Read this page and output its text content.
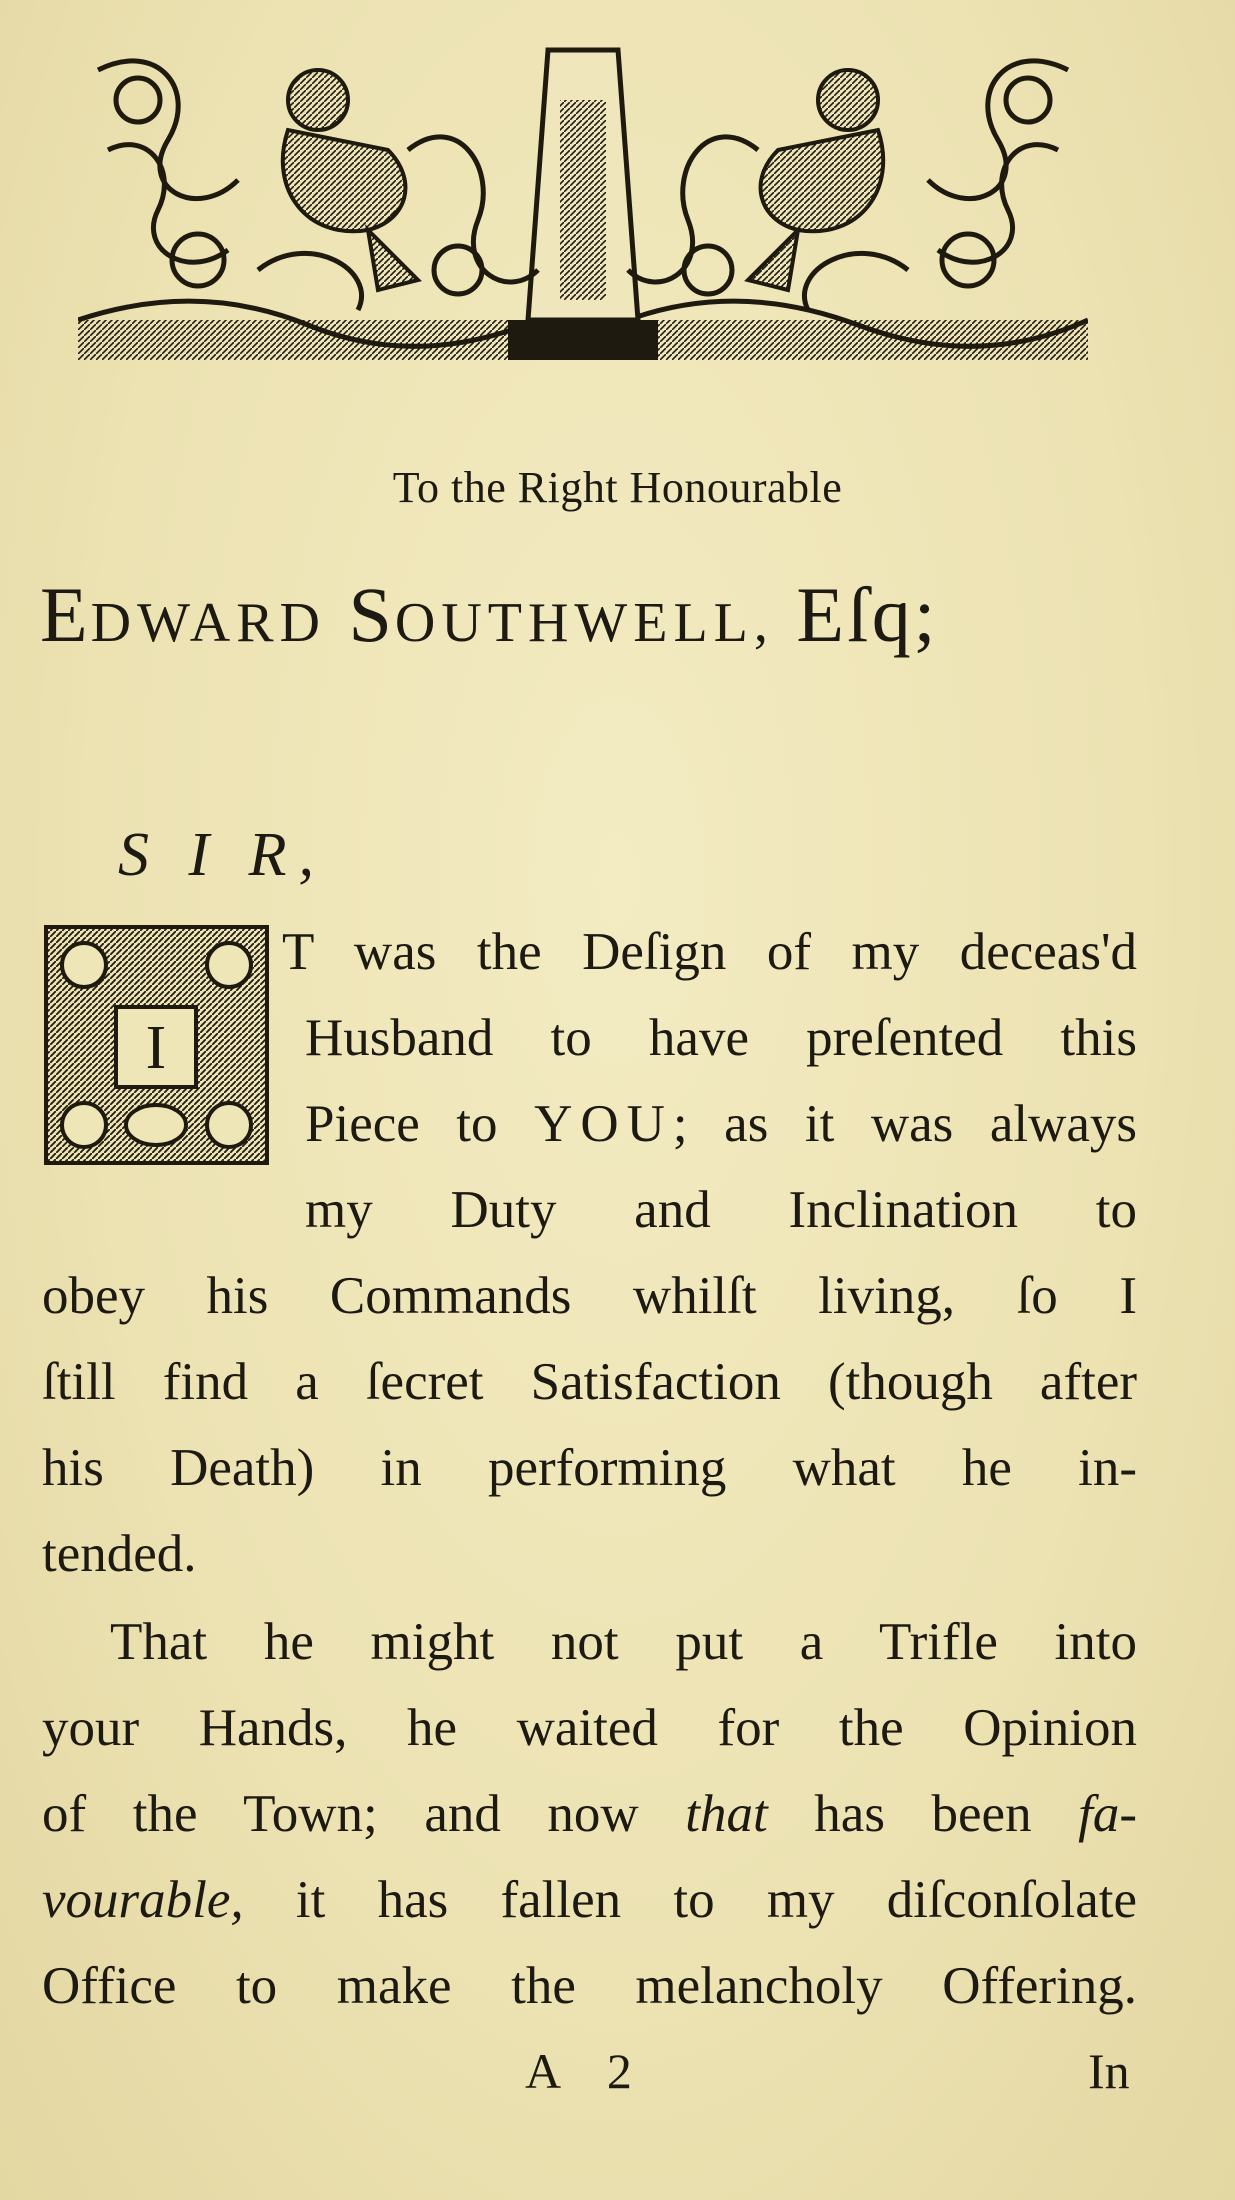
To the Right Honourable
EDWARD SOUTHWELL, Eſq;
S I R,
I
T was the Deſign of my deceas'd
Husband to have preſented this
Piece to YOU; as it was always
my Duty and Inclination to
obey his Commands whilſt living, ſo I
ſtill find a ſecret Satisfaction (though after
his Death) in performing what he in-
tended.
That he might not put a Trifle into
your Hands, he waited for the Opinion
of the Town; and now that has been fa-
vourable, it has fallen to my diſconſolate
Office to make the melancholy Offering.
A 2	In
